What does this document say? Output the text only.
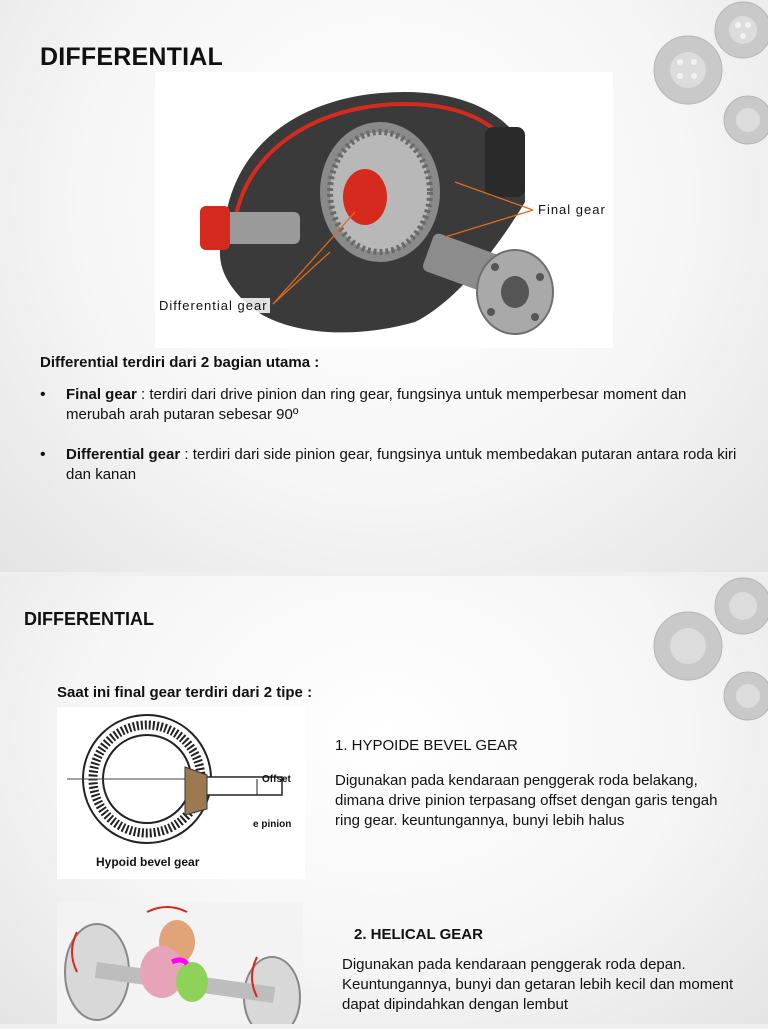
DIFFERENTIAL
Final gear
Differential gear

Differential terdiri dari 2 bagian utama :

• Final gear : terdiri dari drive pinion dan ring gear, fungsinya untuk memperbesar moment dan merubah arah putaran sebesar 90º
• Differential gear : terdiri dari side pinion gear, fungsinya untuk membedakan putaran antara roda kiri dan kanan
DIFFERENTIAL

Saat ini final gear terdiri dari 2 tipe :

Offset
e pinion
Hypoid bevel gear

1. HYPOIDE BEVEL GEAR

Digunakan pada kendaraan penggerak roda belakang, dimana drive pinion terpasang offset dengan garis tengah ring gear. keuntungannya, bunyi lebih halus

2. HELICAL GEAR

Digunakan pada kendaraan penggerak roda depan. Keuntungannya, bunyi dan getaran lebih kecil dan moment dapat dipindahkan dengan lembut
